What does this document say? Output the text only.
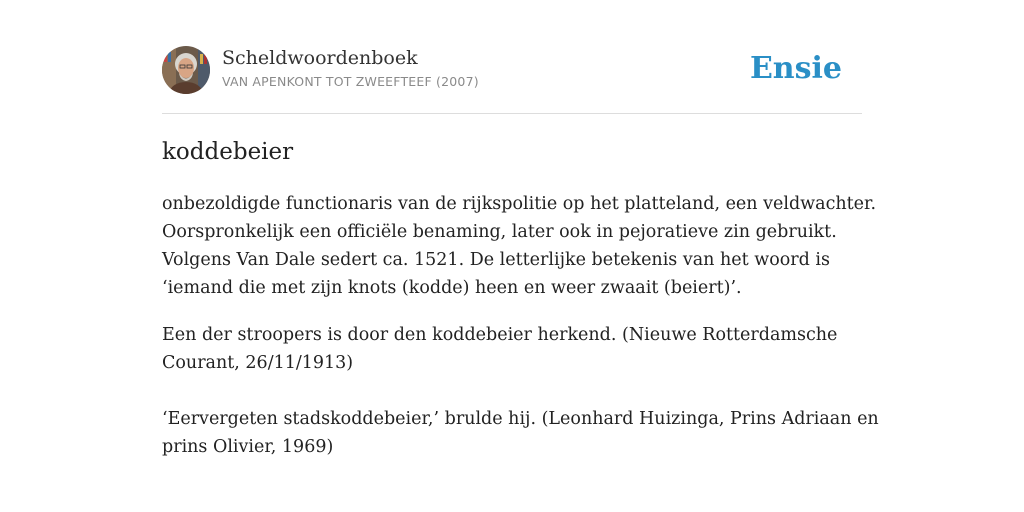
Scheldwoordenboek
VAN APENKONT TOT ZWEEFTEEF (2007)	Ensie
koddebeier

onbezoldigde functionaris van de rijkspolitie op het platteland, een veldwachter.
Oorspronkelijk een officiële benaming, later ook in pejoratieve zin gebruikt.
Volgens Van Dale sedert ca. 1521. De letterlijke betekenis van het woord is
‘iemand die met zijn knots (kodde) heen en weer zwaait (beiert)’.

Een der stroopers is door den koddebeier herkend. (Nieuwe Rotterdamsche
Courant, 26/11/1913)

‘Eervergeten stadskoddebeier,’ brulde hij. (Leonhard Huizinga, Prins Adriaan en
prins Olivier, 1969)
